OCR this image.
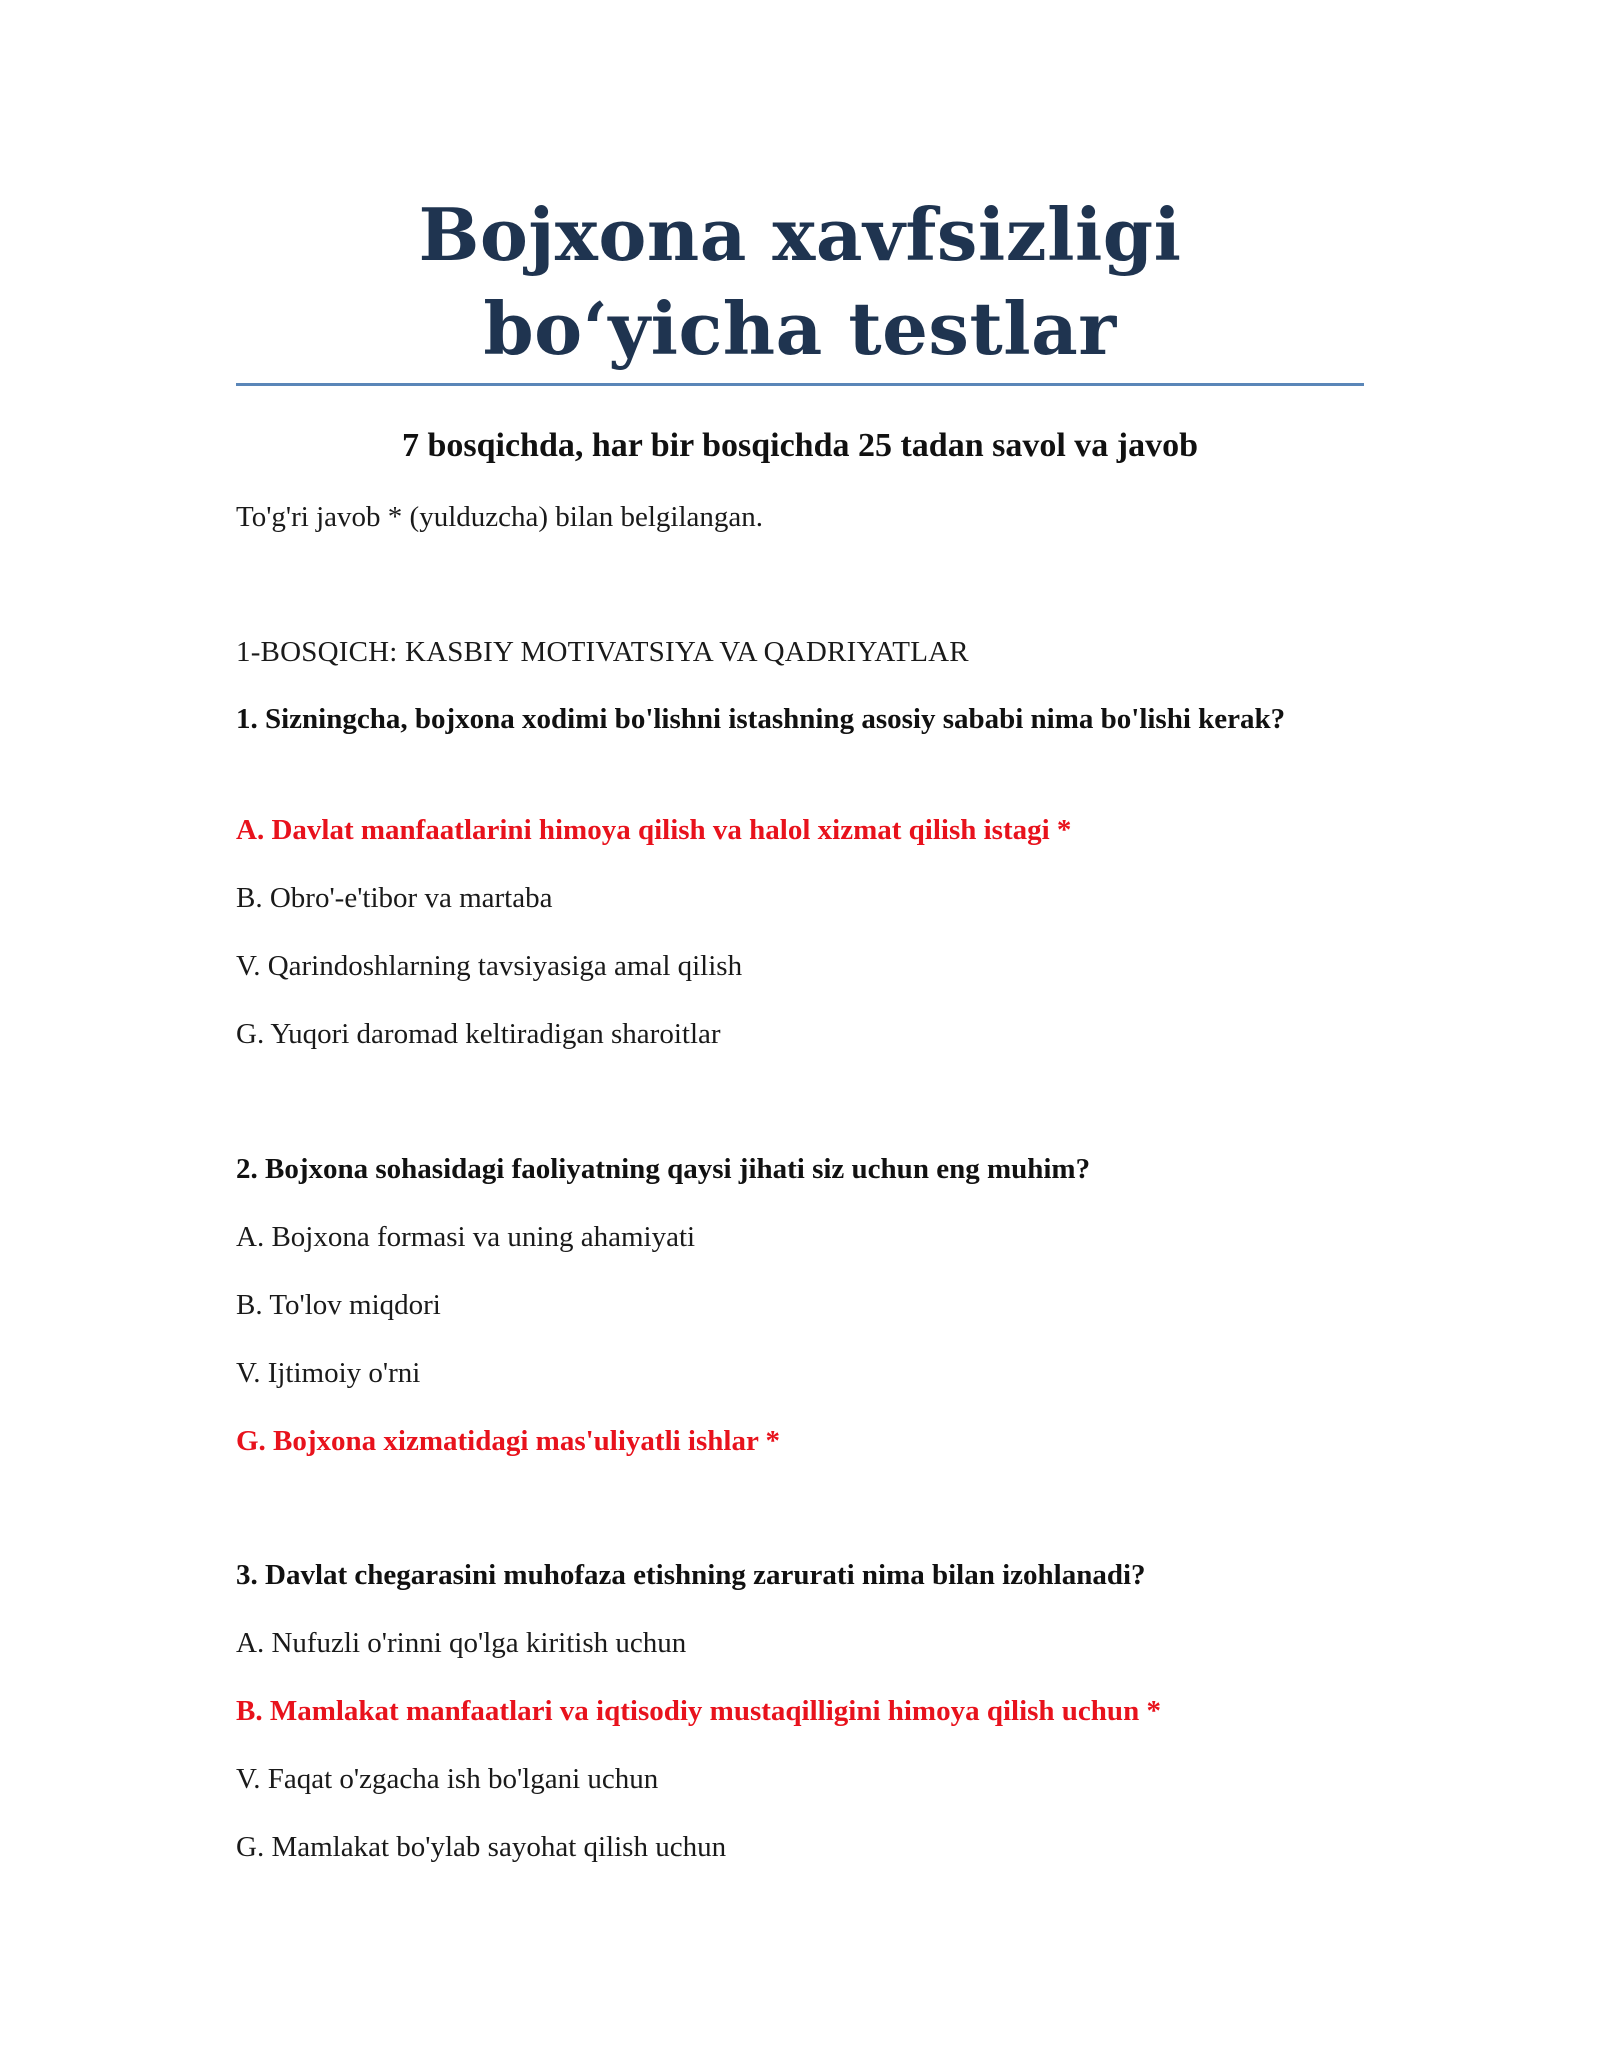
Bojxona xavfsizligi bo‘yicha testlar
7 bosqichda, har bir bosqichda 25 tadan savol va javob
To'g'ri javob * (yulduzcha) bilan belgilangan.
1-BOSQICH: KASBIY MOTIVATSIYA VA QADRIYATLAR
1. Sizningcha, bojxona xodimi bo'lishni istashning asosiy sababi nima bo'lishi kerak?
A. Davlat manfaatlarini himoya qilish va halol xizmat qilish istagi *
B. Obro'-e'tibor va martaba
V. Qarindoshlarning tavsiyasiga amal qilish
G. Yuqori daromad keltiradigan sharoitlar
2. Bojxona sohasidagi faoliyatning qaysi jihati siz uchun eng muhim?
A. Bojxona formasi va uning ahamiyati
B. To'lov miqdori
V. Ijtimoiy o'rni
G. Bojxona xizmatidagi mas'uliyatli ishlar *
3. Davlat chegarasini muhofaza etishning zarurati nima bilan izohlanadi?
A. Nufuzli o'rinni qo'lga kiritish uchun
B. Mamlakat manfaatlari va iqtisodiy mustaqilligini himoya qilish uchun *
V. Faqat o'zgacha ish bo'lgani uchun
G. Mamlakat bo'ylab sayohat qilish uchun
